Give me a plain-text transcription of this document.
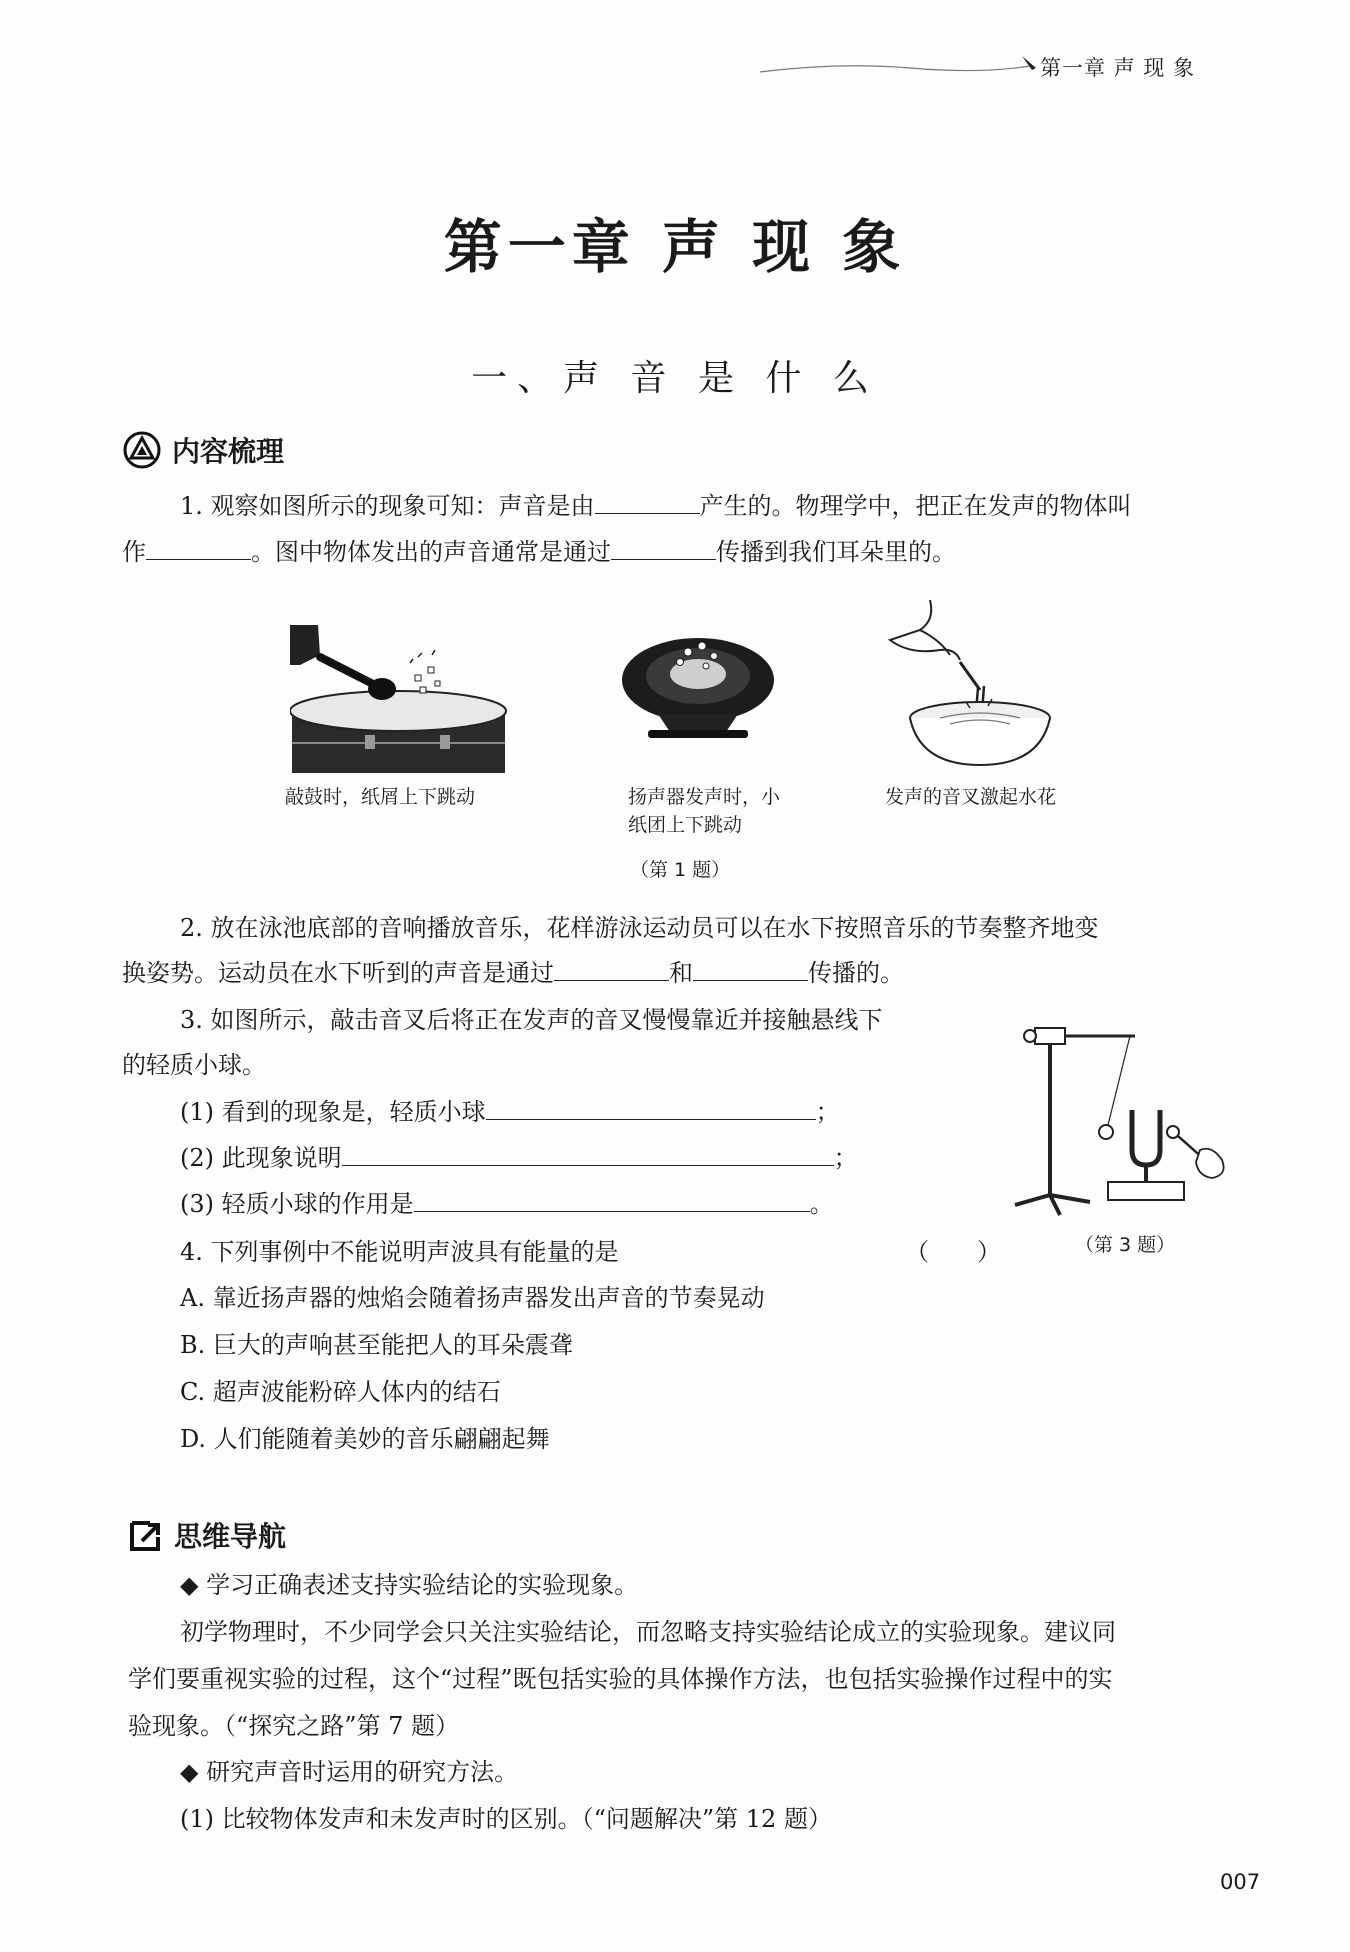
第一章 声 现 象
第一章 声 现 象
一、声 音 是 什 么
内容梳理
1. 观察如图所示的现象可知：声音是由	产生的。物理学中，把正在发声的物体叫
作	。图中物体发出的声音通常是通过	传播到我们耳朵里的。
敲鼓时，纸屑上下跳动	扬声器发声时，小
纸团上下跳动
发声的音叉激起水花
（第 1 题）
2. 放在泳池底部的音响播放音乐，花样游泳运动员可以在水下按照音乐的节奏整齐地变
换姿势。运动员在水下听到的声音是通过	和	传播的。
3. 如图所示，敲击音叉后将正在发声的音叉慢慢靠近并接触悬线下
的轻质小球。
(1) 看到的现象是，轻质小球	；
(2) 此现象说明	；
(3) 轻质小球的作用是	。
（第 3 题）
4. 下列事例中不能说明声波具有能量的是	（　　）
A. 靠近扬声器的烛焰会随着扬声器发出声音的节奏晃动
B. 巨大的声响甚至能把人的耳朵震聋
C. 超声波能粉碎人体内的结石
D. 人们能随着美妙的音乐翩翩起舞
思维导航
◆ 学习正确表述支持实验结论的实验现象。
初学物理时，不少同学会只关注实验结论，而忽略支持实验结论成立的实验现象。建议同
学们要重视实验的过程，这个“过程”既包括实验的具体操作方法，也包括实验操作过程中的实
验现象。（“探究之路”第 7 题）
◆ 研究声音时运用的研究方法。
(1) 比较物体发声和未发声时的区别。（“问题解决”第 12 题）
007
